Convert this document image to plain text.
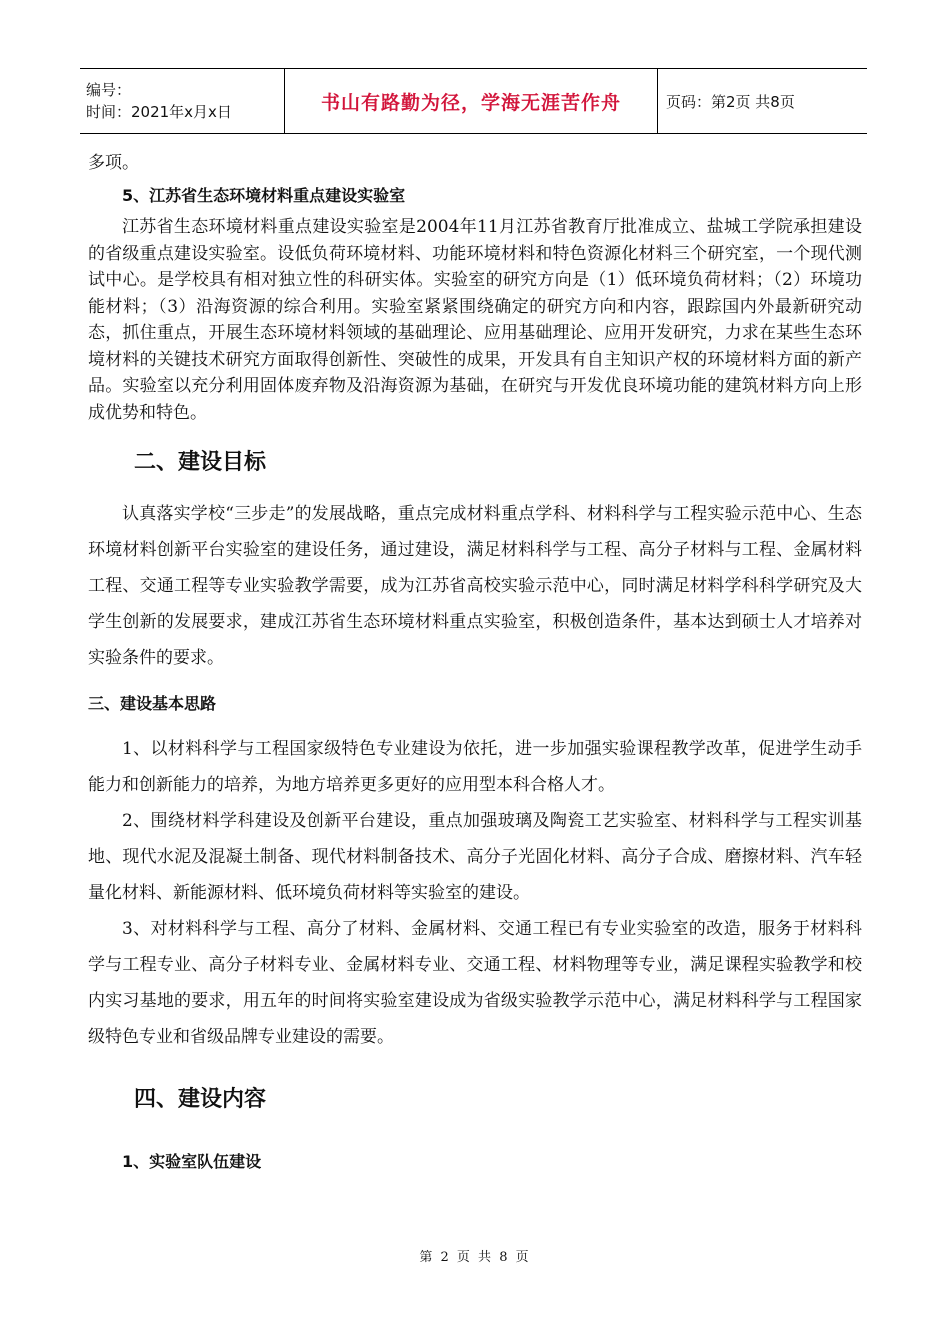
编号：
时间：2021年x月x日	书山有路勤为径，学海无涯苦作舟	页码：第2页 共8页

多项。

5、江苏省生态环境材料重点建设实验室

江苏省生态环境材料重点建设实验室是2004年11月江苏省教育厅批准成立、盐城工学院承担建设的省级重点建设实验室。设低负荷环境材料、功能环境材料和特色资源化材料三个研究室，一个现代测试中心。是学校具有相对独立性的科研实体。实验室的研究方向是（1）低环境负荷材料；（2）环境功能材料；（3）沿海资源的综合利用。实验室紧紧围绕确定的研究方向和内容，跟踪国内外最新研究动态，抓住重点，开展生态环境材料领域的基础理论、应用基础理论、应用开发研究，力求在某些生态环境材料的关键技术研究方面取得创新性、突破性的成果，开发具有自主知识产权的环境材料方面的新产品。实验室以充分利用固体废弃物及沿海资源为基础，在研究与开发优良环境功能的建筑材料方向上形成优势和特色。

二、建设目标

认真落实学校“三步走”的发展战略，重点完成材料重点学科、材料科学与工程实验示范中心、生态环境材料创新平台实验室的建设任务，通过建设，满足材料科学与工程、高分子材料与工程、金属材料工程、交通工程等专业实验教学需要，成为江苏省高校实验示范中心，同时满足材料学科科学研究及大学生创新的发展要求，建成江苏省生态环境材料重点实验室，积极创造条件，基本达到硕士人才培养对实验条件的要求。

三、建设基本思路

1、以材料科学与工程国家级特色专业建设为依托，进一步加强实验课程教学改革，促进学生动手能力和创新能力的培养，为地方培养更多更好的应用型本科合格人才。

2、围绕材料学科建设及创新平台建设，重点加强玻璃及陶瓷工艺实验室、材料科学与工程实训基地、现代水泥及混凝土制备、现代材料制备技术、高分子光固化材料、高分子合成、磨擦材料、汽车轻量化材料、新能源材料、低环境负荷材料等实验室的建设。

3、对材料科学与工程、高分了材料、金属材料、交通工程已有专业实验室的改造，服务于材料科学与工程专业、高分子材料专业、金属材料专业、交通工程、材料物理等专业，满足课程实验教学和校内实习基地的要求，用五年的时间将实验室建设成为省级实验教学示范中心，满足材料科学与工程国家级特色专业和省级品牌专业建设的需要。

四、建设内容

1、实验室队伍建设

第 2 页 共 8 页
